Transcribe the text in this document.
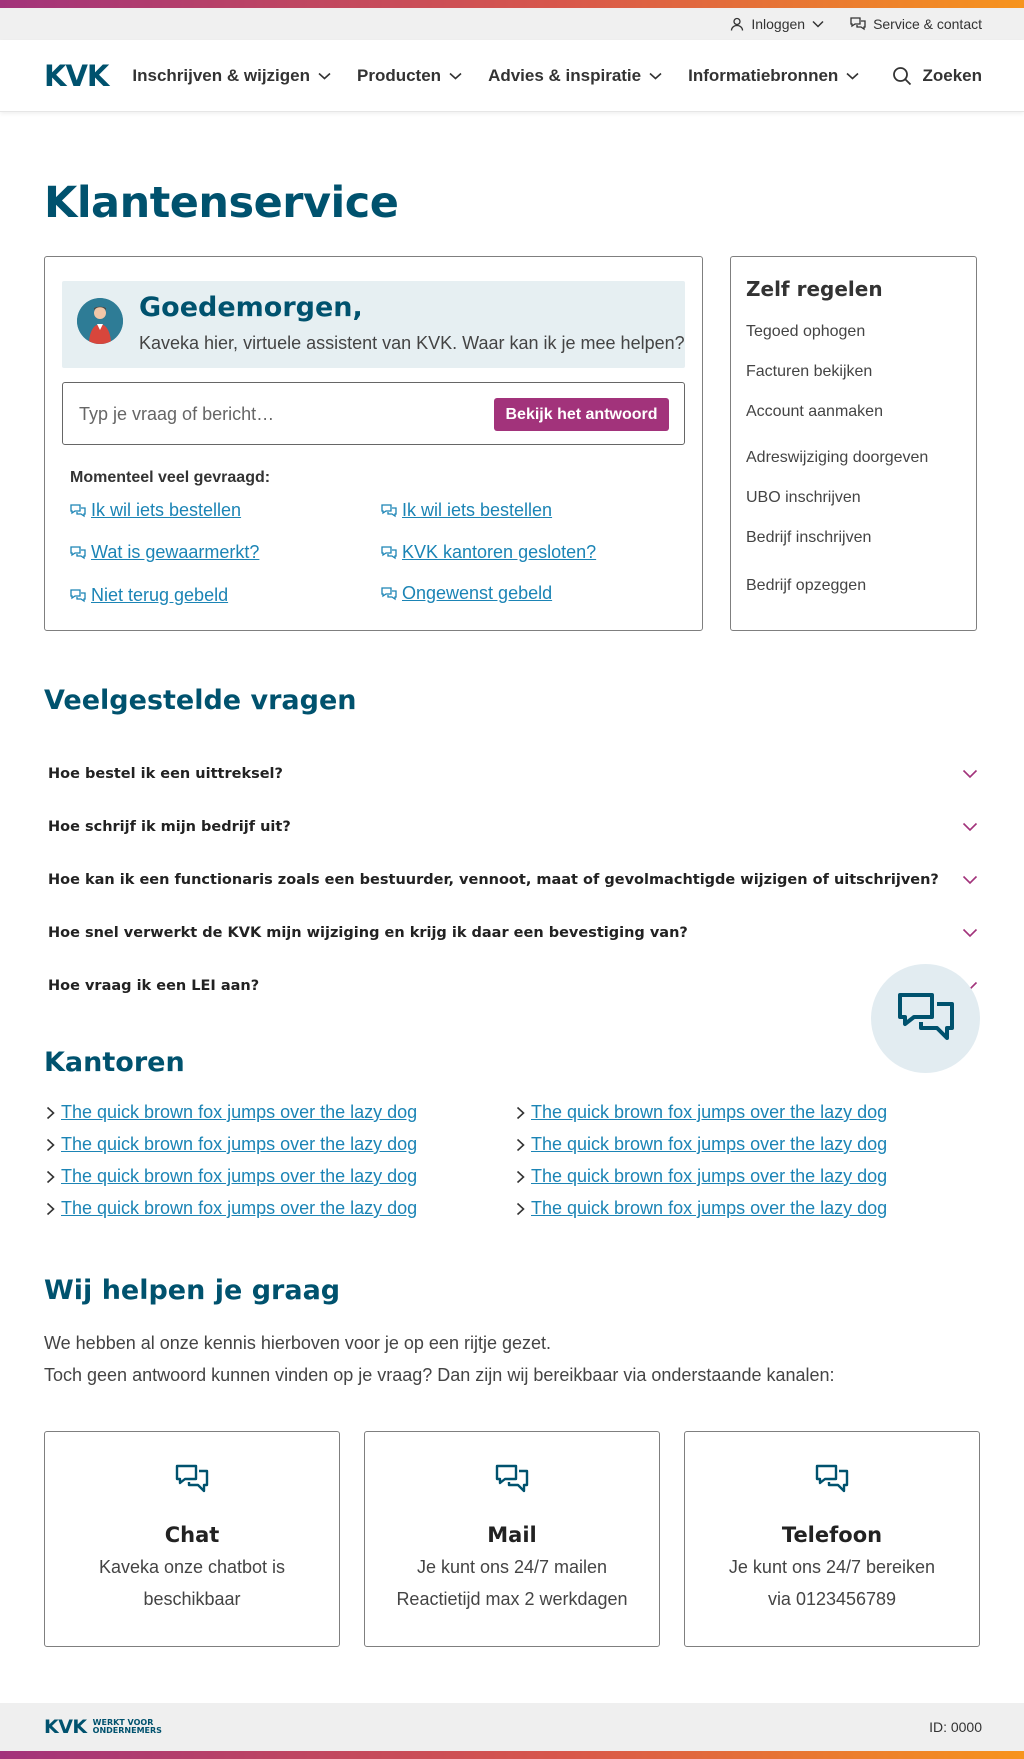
Inloggen	Service & contact
KVK Inschrijven & wijzigen	Producten	Advies & inspiratie	Informatiebronnen	Zoeken
Klantenservice
Goedemorgen,
Kaveka hier, virtuele assistent van KVK. Waar kan ik je mee helpen?
Typ je vraag of bericht…
Bekijk het antwoord
Momenteel veel gevraagd:
Ik wil iets bestellen	Ik wil iets bestellen
Wat is gewaarmerkt?	KVK kantoren gesloten?
Niet terug gebeld	Ongewenst gebeld
Zelf regelen
Tegoed ophogen
Facturen bekijken
Account aanmaken
Adreswijziging doorgeven
UBO inschrijven
Bedrijf inschrijven
Bedrijf opzeggen
Veelgestelde vragen
Hoe bestel ik een uittreksel?
Hoe schrijf ik mijn bedrijf uit?
Hoe kan ik een functionaris zoals een bestuurder, vennoot, maat of gevolmachtigde wijzigen of uitschrijven?
Hoe snel verwerkt de KVK mijn wijziging en krijg ik daar een bevestiging van?
Hoe vraag ik een LEI aan?
Kantoren
The quick brown fox jumps over the lazy dog	The quick brown fox jumps over the lazy dog
The quick brown fox jumps over the lazy dog	The quick brown fox jumps over the lazy dog
The quick brown fox jumps over the lazy dog	The quick brown fox jumps over the lazy dog
The quick brown fox jumps over the lazy dog	The quick brown fox jumps over the lazy dog
Wij helpen je graag

We hebben al onze kennis hierboven voor je op een rijtje gezet.

Toch geen antwoord kunnen vinden op je vraag? Dan zijn wij bereikbaar via onderstaande kanalen:

Chat
Kaveka onze chatbot is
beschikbaar
Mail
Je kunt ons 24/7 mailen
Reactietijd max 2 werkdagen
Telefoon
Je kunt ons 24/7 bereiken
via 0123456789
KVK WERKT VOOR
ONDERNEMERS	ID: 0000
